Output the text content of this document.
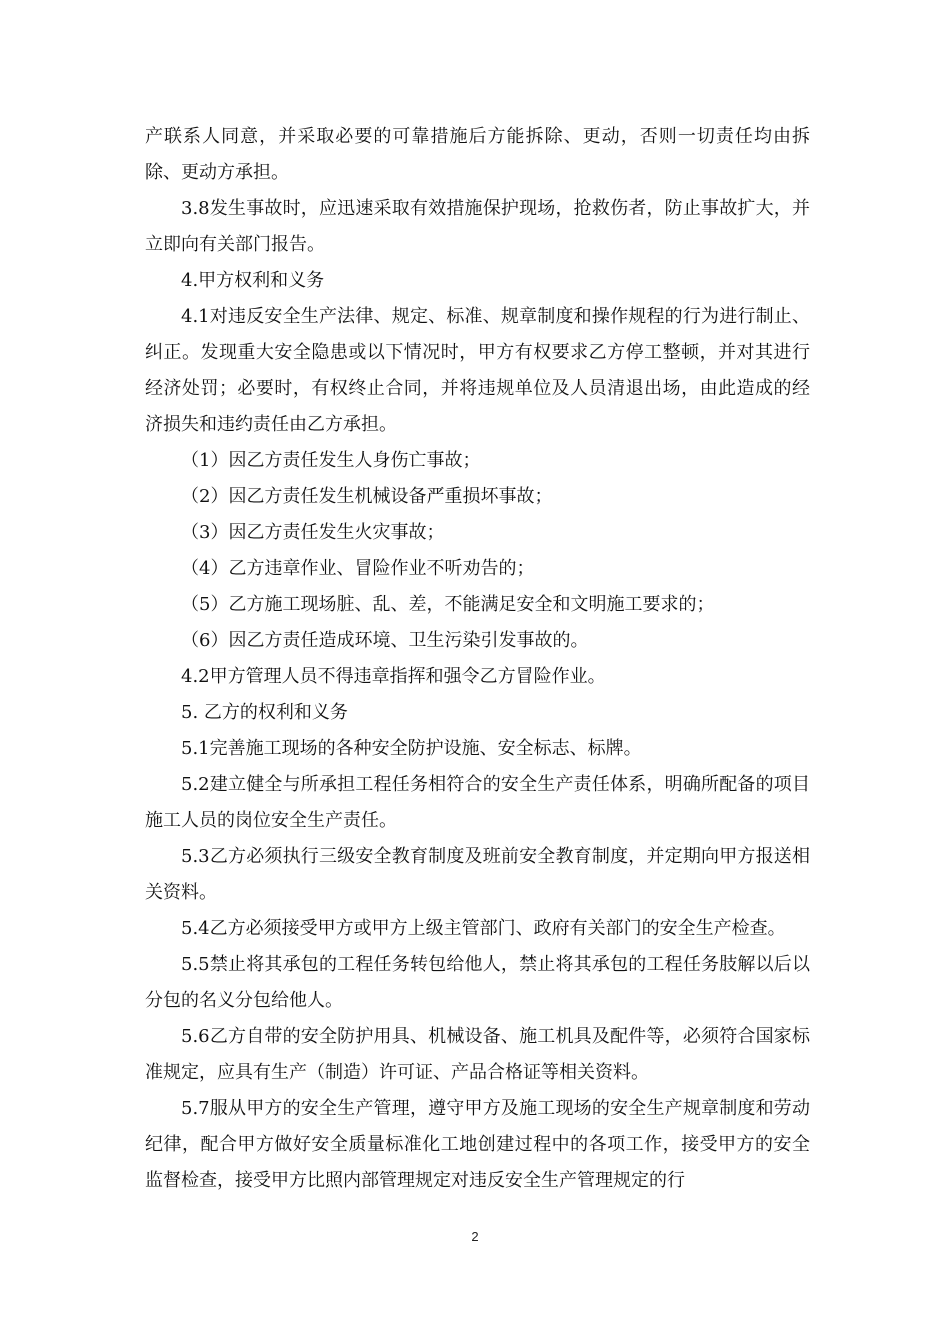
产联系人同意，并采取必要的可靠措施后方能拆除、更动，否则一切责任均由拆除、更动方承担。

3.8发生事故时，应迅速采取有效措施保护现场，抢救伤者，防止事故扩大，并立即向有关部门报告。

4.甲方权利和义务

4.1对违反安全生产法律、规定、标准、规章制度和操作规程的行为进行制止、纠正。发现重大安全隐患或以下情况时，甲方有权要求乙方停工整顿，并对其进行经济处罚；必要时，有权终止合同，并将违规单位及人员清退出场，由此造成的经济损失和违约责任由乙方承担。

（1）因乙方责任发生人身伤亡事故；

（2）因乙方责任发生机械设备严重损坏事故；

（3）因乙方责任发生火灾事故；

（4）乙方违章作业、冒险作业不听劝告的；

（5）乙方施工现场脏、乱、差，不能满足安全和文明施工要求的；

（6）因乙方责任造成环境、卫生污染引发事故的。

4.2甲方管理人员不得违章指挥和强令乙方冒险作业。

5. 乙方的权利和义务

5.1完善施工现场的各种安全防护设施、安全标志、标牌。

5.2建立健全与所承担工程任务相符合的安全生产责任体系，明确所配备的项目施工人员的岗位安全生产责任。

5.3乙方必须执行三级安全教育制度及班前安全教育制度，并定期向甲方报送相关资料。

5.4乙方必须接受甲方或甲方上级主管部门、政府有关部门的安全生产检查。

5.5禁止将其承包的工程任务转包给他人，禁止将其承包的工程任务肢解以后以分包的名义分包给他人。

5.6乙方自带的安全防护用具、机械设备、施工机具及配件等，必须符合国家标准规定，应具有生产（制造）许可证、产品合格证等相关资料。

5.7服从甲方的安全生产管理，遵守甲方及施工现场的安全生产规章制度和劳动纪律，配合甲方做好安全质量标准化工地创建过程中的各项工作，接受甲方的安全监督检查，接受甲方比照内部管理规定对违反安全生产管理规定的行

2
